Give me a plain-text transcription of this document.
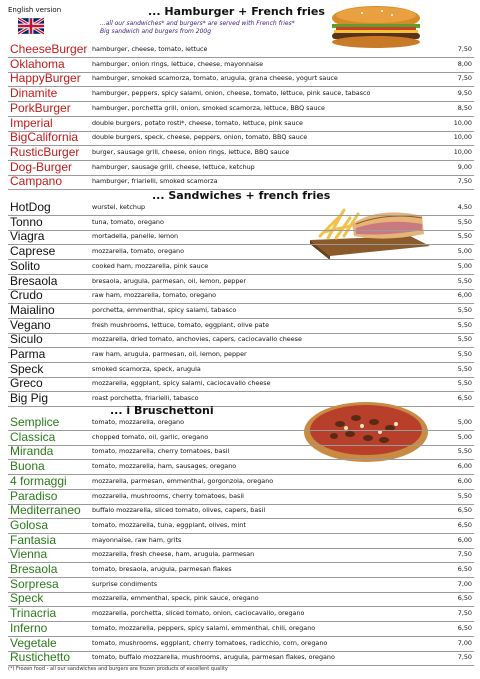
English version	... Hamburger + French fries
...all our sandwiches* and burgers* are served with French fries*
Big sandwich and burgers from 200g
CheeseBurger hamburger, cheese, tomato, lettuce	7,50
Oklahoma	hamburger, onion rings, lettuce, cheese, mayonnaise	8,00
HappyBurger hamburger, smoked scamorza, tomato, arugula, grana cheese, yogurt sauce	7,50
Dinamite	hamburger, peppers, spicy salami, onion, cheese, tomato, lettuce, pink sauce, tabasco	9,50
PorkBurger	hamburger, porchetta grill, onion, smoked scamorza, lettuce, BBQ sauce	8,50
Imperial	double burgers, potato rosti*, cheese, tomato, lettuce, pink sauce	10,00
BigCalifornia double burgers, speck, cheese, peppers, onion, tomato, BBQ sauce	10,00
RusticBurger burger, sausage grill, cheese, onion rings, lettuce, BBQ sauce	10,00
Dog-Burger	hamburger, sausage grill, cheese, lettuce, ketchup	9,00
Campano	hamburger, friarielli, smoked scamorza	7,50
... Sandwiches + french fries
HotDog	wurstel, ketchup	4,50
Tonno	tuna, tomato, oregano	5,50
Viagra	mortadella, panelle, lemon	5,50
Caprese	mozzarella, tomato, oregano	5,00
Solito	cooked ham, mozzarella, pink sauce	5,00
Bresaola	bresaola, arugula, parmesan, oil, lemon, pepper	5,50
Crudo	raw ham, mozzarella, tomato, oregano	6,00
Maialino	porchetta, emmenthal, spicy salami, tabasco	5,50
Vegano	fresh mushrooms, lettuce, tomato, eggplant, olive pate	5,50
Siculo	mozzarella, dried tomato, anchovies, capers, caciocavallo cheese	5,50
Parma	raw ham, arugula, parmesan, oil, lemon, pepper	5,50
Speck	smoked scamorza, speck, arugula	5,50
Greco	mozzarella, eggplant, spicy salami, caciocavallo cheese	5,50
Big Pig	roast porchetta, friarielli, tabasco	6,50
... i Bruschettoni
Semplice	tomato, mozzarella, oregano	5,00
Classica	chopped tomato, oil, garlic, oregano	5,00
Miranda	tomato, mozzarella, cherry tomatoes, basil	5,50
Buona	tomato, mozzarella, ham, sausages, oregano	6,00
4 formaggi	mozzarella, parmesan, emmenthal, gorgonzola, oregano	6,00
Paradiso	mozzarella, mushrooms, cherry tomatoes, basil	5,50
Mediterraneo buffalo mozzarella, sliced tomato, olives, capers, basil	6,50
Golosa	tomato, mozzarella, tuna, eggplant, olives, mint	6,50
Fantasia	mayonnaise, raw ham, grits	6,00
Vienna	mozzarella, fresh cheese, ham, arugula, parmesan	7,50
Bresaola	tomato, bresaola, arugula, parmesan flakes	6,50
Sorpresa	surprise condiments	7,00
Speck	mozzarella, emmenthal, speck, pink sauce, oregano	6,50
Trinacria	mozzarella, porchetta, sliced tomato, onion, caciocavallo, oregano	7,50
Inferno	tomato, mozzarella, peppers, spicy salami, emmenthal, chili, oregano	6,50
Vegetale	tomato, mushrooms, eggplant, cherry tomatoes, radicchio, corn, oregano	7,00
Rustichetto	tomato, buffalo mozzarella, mushrooms, arugula, parmesan flakes, oregano	7,50
(*) Frozen food - all our sandwiches and burgers are frozen products of excellent quality
